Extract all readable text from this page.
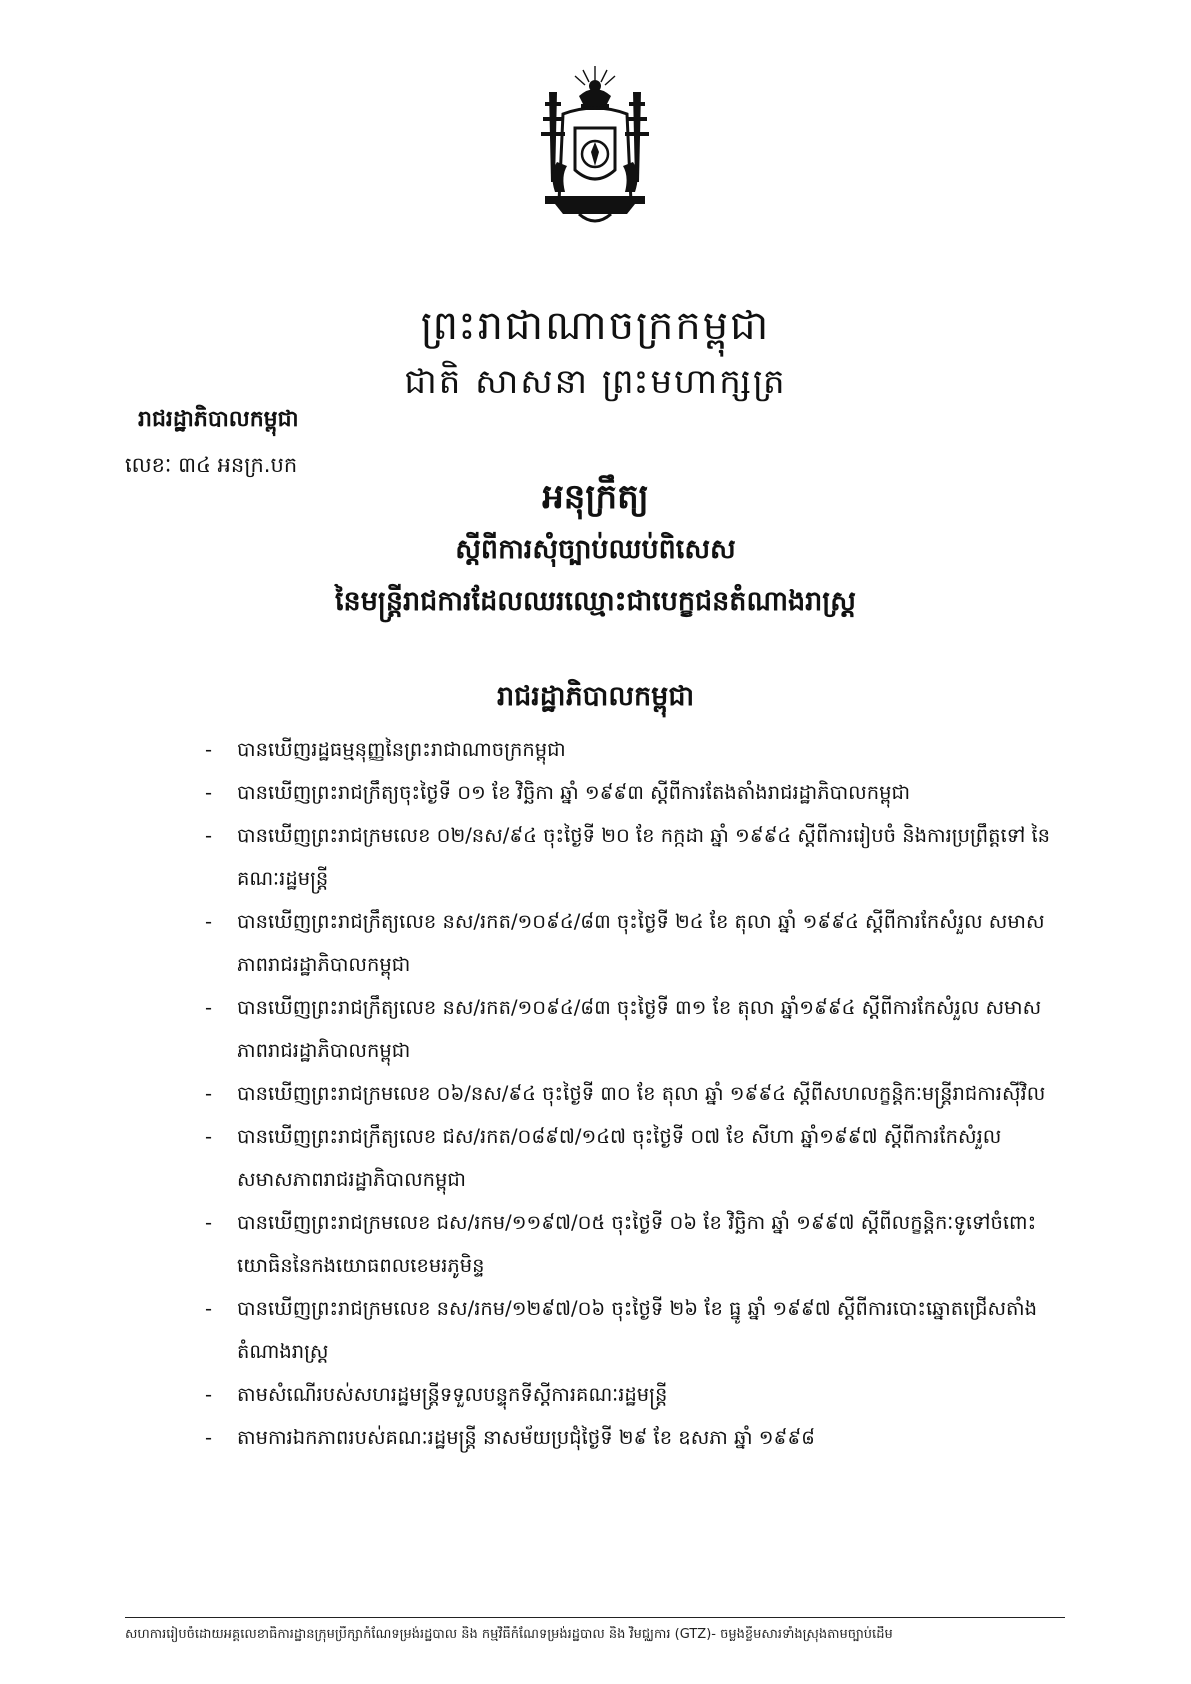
ព្រះរាជាណាចក្រកម្ពុជា
ជាតិ សាសនា ព្រះមហាក្សត្រ
រាជរដ្ឋាភិបាលកម្ពុជា
លេខៈ ៣៤ អនក្រ.បក
អនុក្រឹត្យ
ស្តីពីការសុំច្បាប់ឈប់ពិសេស
នៃមន្រ្តីរាជការដែលឈរឈ្មោះជាបេក្ខជនតំណាងរាស្ត្រ
រាជរដ្ឋាភិបាលកម្ពុជា
- បានឃើញរដ្ឋធម្មនុញ្ញនៃព្រះរាជាណាចក្រកម្ពុជា
- បានឃើញព្រះរាជក្រឹត្យចុះថ្ងៃទី ០១ ខែ វិច្ឆិកា ឆ្នាំ ១៩៩៣ ស្តីពីការតែងតាំងរាជរដ្ឋាភិបាលកម្ពុជា
- បានឃើញព្រះរាជក្រមលេខ ០២/នស/៩៤ ចុះថ្ងៃទី ២០ ខែ កក្កដា ឆ្នាំ ១៩៩៤ ស្តីពីការរៀបចំ និងការប្រព្រឹត្តទៅ នៃ គណៈរដ្ឋមន្ត្រី
- បានឃើញព្រះរាជក្រឹត្យលេខ នស/រកត/១០៩៤/៨៣ ចុះថ្ងៃទី ២៤ ខែ តុលា ឆ្នាំ ១៩៩៤ ស្តីពីការកែសំរួល សមាសភាពរាជរដ្ឋាភិបាលកម្ពុជា
- បានឃើញព្រះរាជក្រឹត្យលេខ នស/រកត/១០៩៤/៨៣ ចុះថ្ងៃទី ៣១ ខែ តុលា ឆ្នាំ១៩៩៤ ស្តីពីការកែសំរួល សមាសភាពរាជរដ្ឋាភិបាលកម្ពុជា
- បានឃើញព្រះរាជក្រមលេខ ០៦/នស/៩៤ ចុះថ្ងៃទី ៣០ ខែ តុលា ឆ្នាំ ១៩៩៤ ស្តីពីសហលក្ខន្តិកៈមន្ត្រីរាជការស៊ីវិល
- បានឃើញព្រះរាជក្រឹត្យលេខ ជស/រកត/០៨៩៧/១៤៧ ចុះថ្ងៃទី ០៧ ខែ សីហា ឆ្នាំ១៩៩៧ ស្តីពីការកែសំរួល សមាសភាពរាជរដ្ឋាភិបាលកម្ពុជា
- បានឃើញព្រះរាជក្រមលេខ ជស/រកម/១១៩៧/០៥ ចុះថ្ងៃទី ០៦ ខែ វិច្ឆិកា ឆ្នាំ ១៩៩៧ ស្តីពីលក្ខន្តិកៈទូទៅចំពោះ យោធិននៃកងយោធពលខេមរភូមិន្ទ
- បានឃើញព្រះរាជក្រមលេខ នស/រកម/១២៩៧/០៦ ចុះថ្ងៃទី ២៦ ខែ ធ្នូ ឆ្នាំ ១៩៩៧ ស្តីពីការបោះឆ្នោតជ្រើសតាំង តំណាងរាស្ត្រ
- តាមសំណើរបស់សហរដ្ឋមន្ត្រីទទួលបន្ទុកទីស្តីការគណៈរដ្ឋមន្ត្រី
- តាមការឯកភាពរបស់គណៈរដ្ឋមន្ត្រី នាសម័យប្រជុំថ្ងៃទី ២៩ ខែ ឧសភា ឆ្នាំ ១៩៩៨
សហការរៀបចំដោយអគ្គលេខាធិការដ្ឋានក្រុមប្រឹក្សាកំណែទម្រង់រដ្ឋបាល និង កម្មវិធីកំណែទម្រង់រដ្ឋបាល និង វិមជ្ឈការ (GTZ)- ចម្លងខ្លឹមសារទាំងស្រុងតាមច្បាប់ដើម
